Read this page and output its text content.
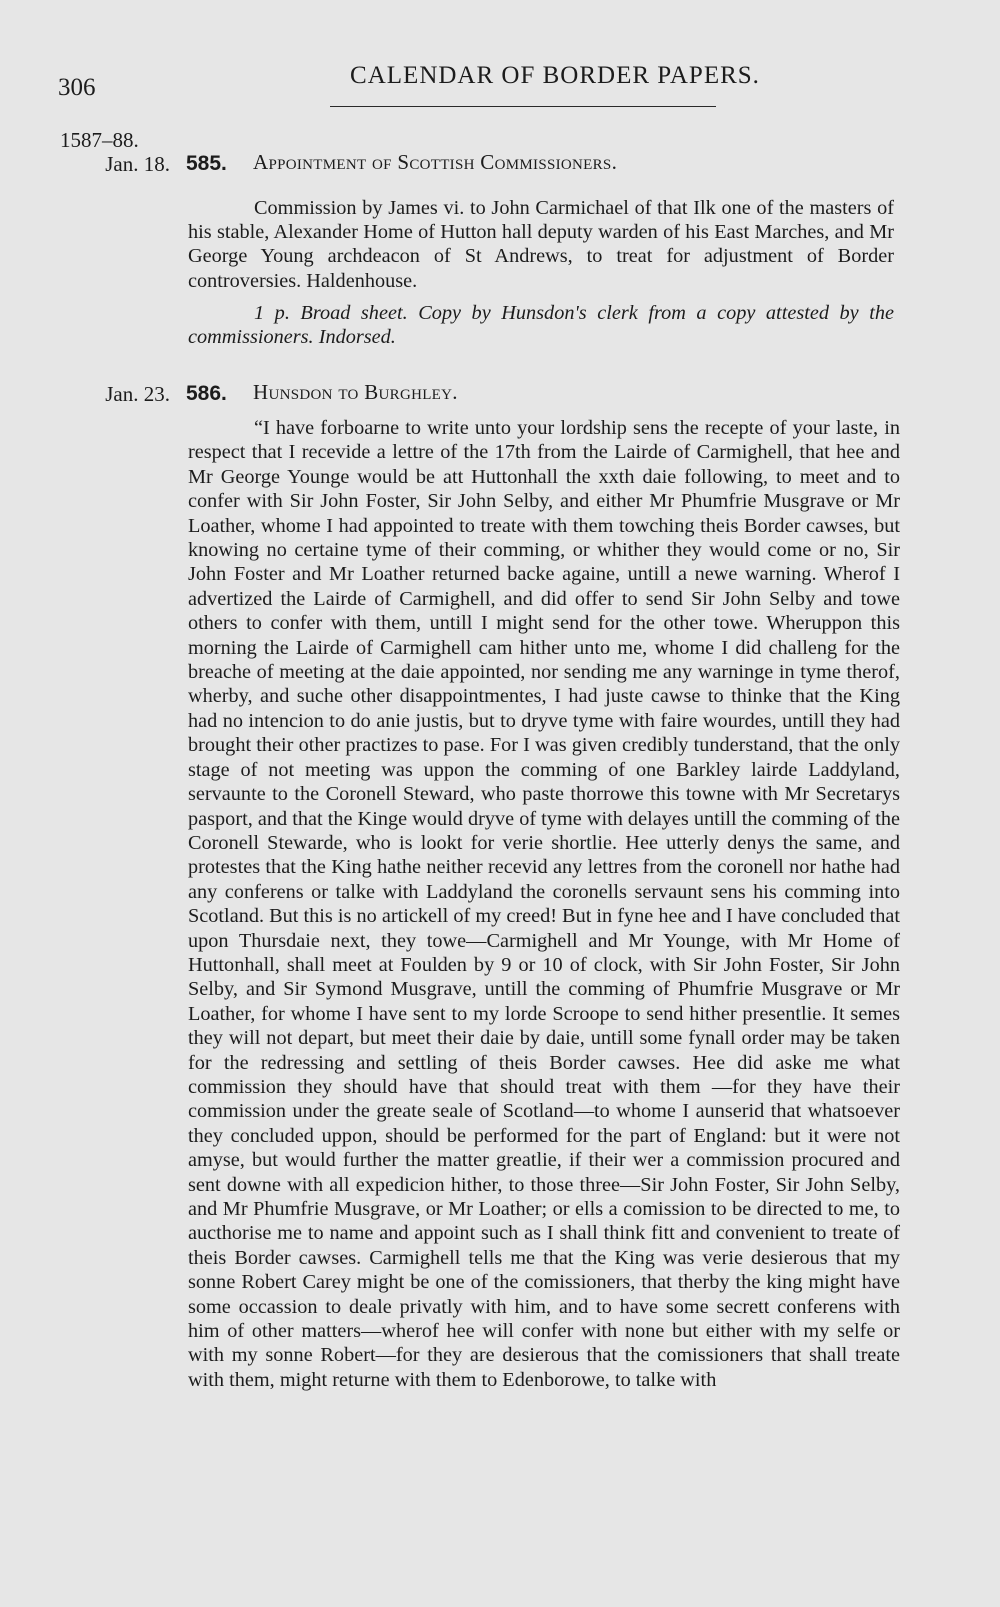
306	CALENDAR OF BORDER PAPERS.
1587–88.
Jan. 18. 585. Appointment of Scottish Commissioners.

Commission by James vi. to John Carmichael of that Ilk one of the masters of his stable, Alexander Home of Hutton hall deputy warden of his East Marches, and Mr George Young archdeacon of St Andrews, to treat for adjustment of Border controversies. Haldenhouse.

1 p. Broad sheet. Copy by Hunsdon's clerk from a copy attested by the commissioners. Indorsed.

Jan. 23. 586. Hunsdon to Burghley.

“I have forboarne to write unto your lordship sens the recepte of your laste, in respect that I recevide a lettre of the 17th from the Lairde of Carmighell, that hee and Mr George Younge would be att Huttonhall the xxth daie following, to meet and to confer with Sir John Foster, Sir John Selby, and either Mr Phumfrie Musgrave or Mr Loather, whome I had appointed to treate with them towching theis Border cawses, but knowing no certaine tyme of their comming, or whither they would come or no, Sir John Foster and Mr Loather returned backe againe, untill a newe warning. Wherof I advertized the Lairde of Carmighell, and did offer to send Sir John Selby and towe others to confer with them, untill I might send for the other towe. Wheruppon this morning the Lairde of Carmighell cam hither unto me, whome I did challeng for the breache of meeting at the daie appointed, nor sending me any warninge in tyme therof, wherby, and suche other disappointmentes, I had juste cawse to thinke that the King had no intencion to do anie justis, but to dryve tyme with faire wourdes, untill they had brought their other practizes to pase. For I was given credibly tunderstand, that the only stage of not meeting was uppon the comming of one Barkley lairde Laddyland, servaunte to the Coronell Steward, who paste thorrowe this towne with Mr Secretarys pasport, and that the Kinge would dryve of tyme with delayes untill the comming of the Coronell Stewarde, who is lookt for verie shortlie. Hee utterly denys the same, and protestes that the King hathe neither recevid any lettres from the coronell nor hathe had any conferens or talke with Laddyland the coronells servaunt sens his comming into Scotland. But this is no artickell of my creed! But in fyne hee and I have concluded that upon Thursdaie next, they towe—Carmighell and Mr Younge, with Mr Home of Huttonhall, shall meet at Foulden by 9 or 10 of clock, with Sir John Foster, Sir John Selby, and Sir Symond Musgrave, untill the comming of Phumfrie Musgrave or Mr Loather, for whome I have sent to my lorde Scroope to send hither presentlie. It semes they will not depart, but meet their daie by daie, untill some fynall order may be taken for the redressing and settling of theis Border cawses. Hee did aske me what commission they should have that should treat with them —for they have their commission under the greate seale of Scotland—to whome I aunserid that whatsoever they concluded uppon, should be performed for the part of England: but it were not amyse, but would further the matter greatlie, if their wer a commission procured and sent downe with all expedicion hither, to those three—Sir John Foster, Sir John Selby, and Mr Phumfrie Musgrave, or Mr Loather; or ells a comission to be directed to me, to aucthorise me to name and appoint such as I shall think fitt and convenient to treate of theis Border cawses. Carmighell tells me that the King was verie desierous that my sonne Robert Carey might be one of the comissioners, that therby the king might have some occassion to deale privatly with him, and to have some secrett conferens with him of other matters—wherof hee will confer with none but either with my selfe or with my sonne Robert—for they are desierous that the comissioners that shall treate with them, might returne with them to Edenborowe, to talke with
